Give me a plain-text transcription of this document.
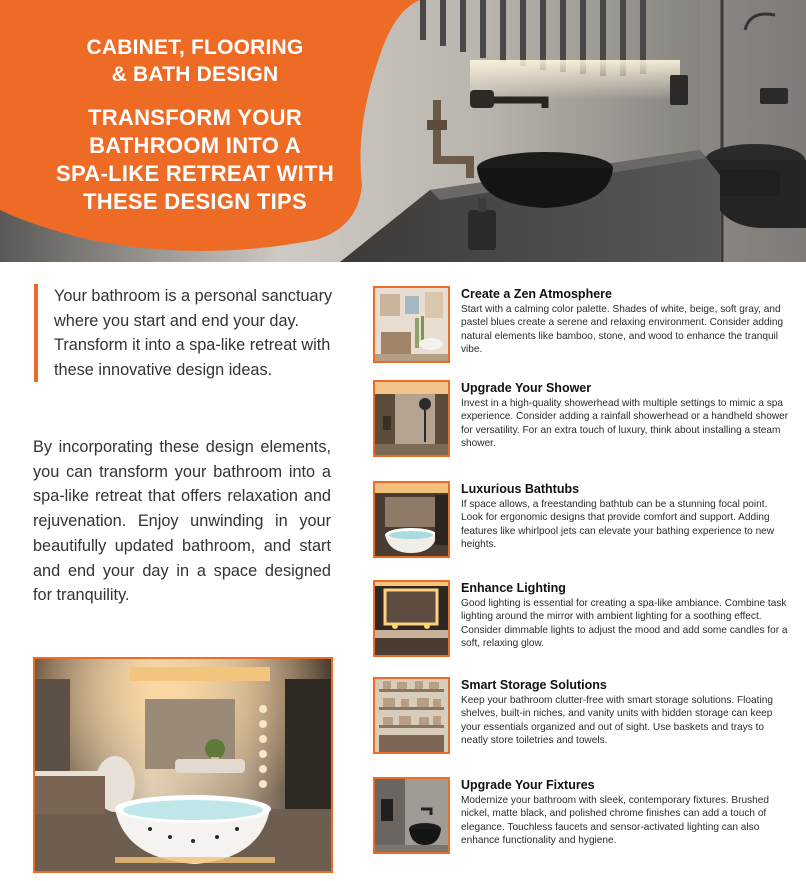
CABINET, FLOORING
& BATH DESIGN
TRANSFORM YOUR
BATHROOM INTO A
SPA-LIKE RETREAT WITH
THESE DESIGN TIPS

Your bathroom is a personal sanctuary where you start and end your day. Transform it into a spa-like retreat with these innovative design ideas.

By incorporating these design elements, you can transform your bathroom into a spa-like retreat that offers relaxation and rejuvenation. Enjoy unwinding in your beautifully updated bathroom, and start and end your day in a space designed for tranquility.

Create a Zen Atmosphere
Start with a calming color palette. Shades of white, beige, soft gray, and pastel blues create a serene and relaxing environment. Consider adding natural elements like bamboo, stone, and wood to enhance the tranquil vibe.
Upgrade Your Shower
Invest in a high-quality showerhead with multiple settings to mimic a spa experience. Consider adding a rainfall showerhead or a handheld shower for versatility. For an extra touch of luxury, think about installing a steam shower.
Luxurious Bathtubs
If space allows, a freestanding bathtub can be a stunning focal point. Look for ergonomic designs that provide comfort and support. Adding features like whirlpool jets can elevate your bathing experience to new heights.
Enhance Lighting
Good lighting is essential for creating a spa-like ambiance. Combine task lighting around the mirror with ambient lighting for a soothing effect. Consider dimmable lights to adjust the mood and add some candles for a soft, relaxing glow.
Smart Storage Solutions
Keep your bathroom clutter-free with smart storage solutions. Floating shelves, built-in niches, and vanity units with hidden storage can keep your essentials organized and out of sight. Use baskets and trays to neatly store toiletries and towels.
Upgrade Your Fixtures
Modernize your bathroom with sleek, contemporary fixtures. Brushed nickel, matte black, and polished chrome finishes can add a touch of elegance. Touchless faucets and sensor-activated lighting can also enhance functionality and hygiene.
